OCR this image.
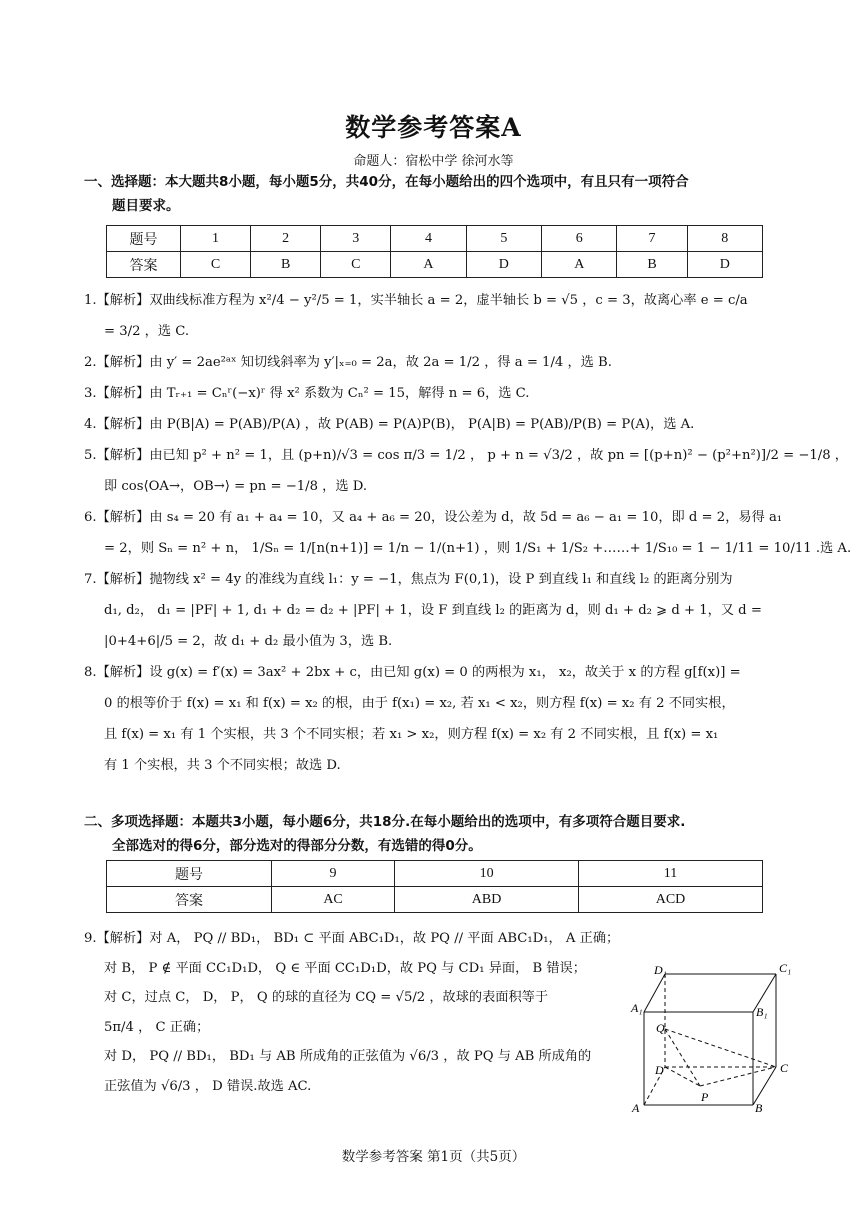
数学参考答案A
命题人：宿松中学 徐河水等
一、选择题：本大题共8小题，每小题5分，共40分，在每小题给出的四个选项中，有且只有一项符合
题目要求。
题号	1	2	3	4	5	6	7	8
答案	C	B	C	A	D	A	B	D
1.【解析】双曲线标准方程为 x²/4 − y²/5 = 1，实半轴长 a = 2，虚半轴长 b = √5 ，c = 3，故离心率 e = c/a
= 3/2 ，选 C.
2.【解析】由 y′ = 2ae²ᵃˣ 知切线斜率为 y′|ₓ₌₀ = 2a，故 2a = 1/2 ，得 a = 1/4 ，选 B.
3.【解析】由 Tᵣ₊₁ = Cₙʳ(−x)ʳ 得 x² 系数为 Cₙ² = 15，解得 n = 6，选 C.
4.【解析】由 P(B|A) = P(AB)/P(A) ，故 P(AB) = P(A)P(B)， P(A|B) = P(AB)/P(B) = P(A)，选 A.
5.【解析】由已知 p² + n² = 1，且 (p+n)/√3 = cos π/3 = 1/2 ， p + n = √3/2 ，故 pn = [(p+n)² − (p²+n²)]/2 = −1/8 ，
即 cos⟨OA→，OB→⟩ = pn = −1/8 ，选 D.
6.【解析】由 s₄ = 20 有 a₁ + a₄ = 10，又 a₄ + a₆ = 20，设公差为 d，故 5d = a₆ − a₁ = 10，即 d = 2，易得 a₁
= 2，则 Sₙ = n² + n， 1/Sₙ = 1/[n(n+1)] = 1/n − 1/(n+1) ，则 1/S₁ + 1/S₂ +……+ 1/S₁₀ = 1 − 1/11 = 10/11 .选 A.
7.【解析】抛物线 x² = 4y 的准线为直线 l₁：y = −1，焦点为 F(0,1)，设 P 到直线 l₁ 和直线 l₂ 的距离分别为
d₁, d₂， d₁ = |PF| + 1, d₁ + d₂ = d₂ + |PF| + 1，设 F 到直线 l₂ 的距离为 d，则 d₁ + d₂ ⩾ d + 1，又 d =
|0+4+6|/5 = 2，故 d₁ + d₂ 最小值为 3，选 B.
8.【解析】设 g(x) = f′(x) = 3ax² + 2bx + c，由已知 g(x) = 0 的两根为 x₁， x₂，故关于 x 的方程 g[f(x)] =
0 的根等价于 f(x) = x₁ 和 f(x) = x₂ 的根，由于 f(x₁) = x₂, 若 x₁ < x₂，则方程 f(x) = x₂ 有 2 不同实根，
且 f(x) = x₁ 有 1 个实根，共 3 个不同实根；若 x₁ > x₂，则方程 f(x) = x₂ 有 2 不同实根，且 f(x) = x₁
有 1 个实根，共 3 个不同实根；故选 D.
二、多项选择题：本题共3小题，每小题6分，共18分.在每小题给出的选项中，有多项符合题目要求.
全部选对的得6分，部分选对的得部分分数，有选错的得0分。
题号	9	10	11
答案	AC	ABD	ACD
9.【解析】对 A， PQ // BD₁， BD₁ ⊂ 平面 ABC₁D₁，故 PQ // 平面 ABC₁D₁， A 正确；
对 B， P ∉ 平面 CC₁D₁D， Q ∈ 平面 CC₁D₁D，故 PQ 与 CD₁ 异面， B 错误；
对 C，过点 C， D， P， Q 的球的直径为 CQ = √5/2 ，故球的表面积等于
5π/4 ， C 正确；
对 D， PQ // BD₁， BD₁ 与 AB 所成角的正弦值为 √6/3 ，故 PQ 与 AB 所成角的
正弦值为 √6/3 ， D 错误.故选 AC.
D₁	C₁
A₁	B₁
Q
D	C
P
A	B
数学参考答案 第1页（共5页）
